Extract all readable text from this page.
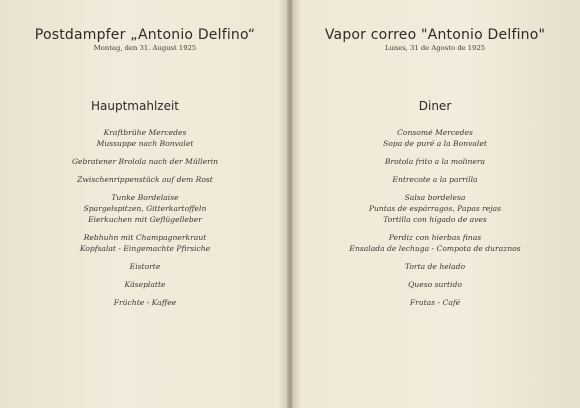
Postdampfer „Antonio Delfino“
Montag, den 31. August 1925
Hauptmahlzeit
Kraftbrühe Mercedes
Mussuppe nach Bonvalet
Gebratener Brolola nach der Müllerin
Zwischenrippenstück auf dem Rost
Tunke Bordelaise
Spargelspitzen, Gitterkartoffeln
Eierkuchen mit Geflügelleber
Rebhuhn mit Champagnerkraut
Kopfsalat - Eingemachte Pfirsiche
Eistorte
Käseplatte
Früchte - Kaffee
Vapor correo "Antonio Delfino"
Lunes, 31 de Agosto de 1925
Diner
Consomé Mercedes
Sopa de puré a la Bonvalet
Brotola frito a la molinera
Entrecote a la parrilla
Salsa bordelesa
Puntas de espárragos, Papas rejas
Tortilla con hígado de aves
Perdiz con hierbas finas
Ensalada de lechuga - Compota de duraznos
Torta de helado
Queso surtido
Frutas - Café
